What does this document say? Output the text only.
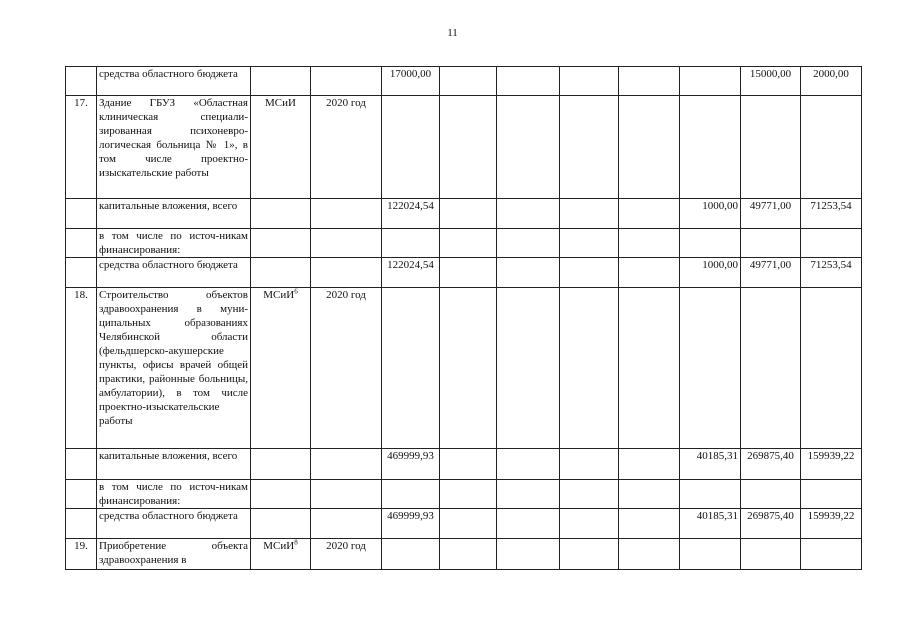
11
	средства областного бюджета			17000,00						15000,00	2000,00
17.	Здание ГБУЗ «Областная клиническая специали-зированная психоневро-логическая больница № 1», в том числе проектно-изыскательские работы	МСиИ	2020 год								
	капитальные вложения, всего			122024,54					1000,00	49771,00	71253,54
	в том числе по источ-никам финансирования:										
	средства областного бюджета			122024,54					1000,00	49771,00	71253,54
18.	Строительство объектов здравоохранения в муни-ципальных образованиях Челябинской области (фельдшерско-акушерские пункты, офисы врачей общей практики, районные больницы, амбулатории), в том числе проектно-изыскательские работы	МСиИ$^6$	2020 год								
	капитальные вложения, всего			469999,93					40185,31	269875,40	159939,22
	в том числе по источ-никам финансирования:										
	средства областного бюджета			469999,93					40185,31	269875,40	159939,22
19.	Приобретение объекта здравоохранения в	МСиИ$^8$	2020 год								
